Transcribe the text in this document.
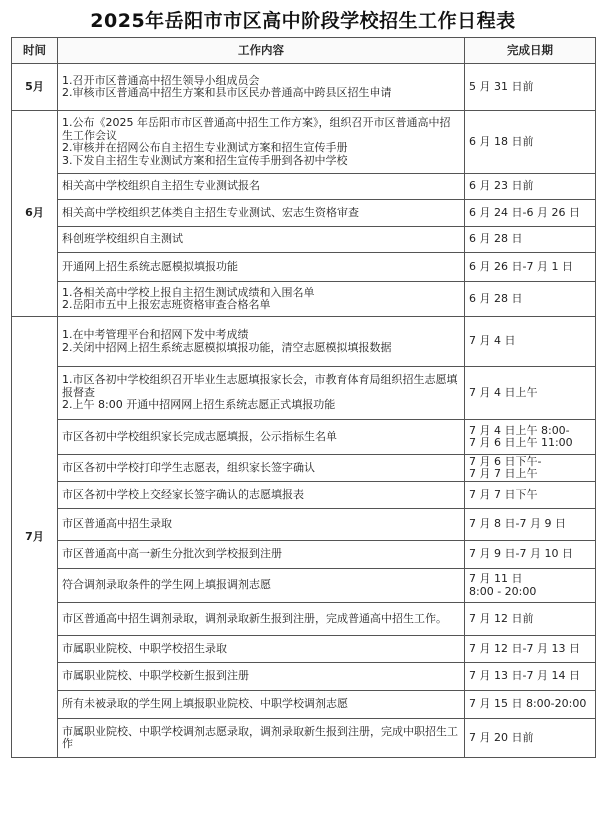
2025年岳阳市市区高中阶段学校招生工作日程表
时间	工作内容	完成日期
5月	1.召开市区普通高中招生领导小组成员会
2.审核市区普通高中招生方案和县市区民办普通高中跨县区招生申请	5 月 31 日前

6月	1.公布《2025 年岳阳市市区普通高中招生工作方案》，组织召开市区普通高中招生工作会议
2.审核并在招网公布自主招生专业测试方案和招生宣传手册
3.下发自主招生专业测试方案和招生宣传手册到各初中学校	6 月 18 日前

	相关高中学校组织自主招生专业测试报名	6 月 23 日前

	相关高中学校组织艺体类自主招生专业测试、宏志生资格审查	6 月 24 日-6 月 26 日

	科创班学校组织自主测试	6 月 28 日

	开通网上招生系统志愿模拟填报功能	6 月 26 日-7 月 1 日

	1.各相关高中学校上报自主招生测试成绩和入围名单
2.岳阳市五中上报宏志班资格审查合格名单	6 月 28 日

7月	1.在中考管理平台和招网下发中考成绩
2.关闭中招网上招生系统志愿模拟填报功能，清空志愿模拟填报数据	7 月 4 日

	1.市区各初中学校组织召开毕业生志愿填报家长会，市教育体育局组织招生志愿填报督查
2.上午 8:00 开通中招网网上招生系统志愿正式填报功能	7 月 4 日上午

	市区各初中学校组织家长完成志愿填报，公示指标生名单	7 月 4 日上午 8:00-
7 月 6 日上午 11:00

	市区各初中学校打印学生志愿表，组织家长签字确认	7 月 6 日下午-
7 月 7 日上午

	市区各初中学校上交经家长签字确认的志愿填报表	7 月 7 日下午

	市区普通高中招生录取	7 月 8 日-7 月 9 日

	市区普通高中高一新生分批次到学校报到注册	7 月 9 日-7 月 10 日

	符合调剂录取条件的学生网上填报调剂志愿	7 月 11 日
8:00 - 20:00

	市区普通高中招生调剂录取，调剂录取新生报到注册，完成普通高中招生工作。	7 月 12 日前

	市属职业院校、中职学校招生录取	7 月 12 日-7 月 13 日

	市属职业院校、中职学校新生报到注册	7 月 13 日-7 月 14 日

	所有未被录取的学生网上填报职业院校、中职学校调剂志愿	7 月 15 日 8:00-20:00

	市属职业院校、中职学校调剂志愿录取，调剂录取新生报到注册，完成中职招生工作	7 月 20 日前
